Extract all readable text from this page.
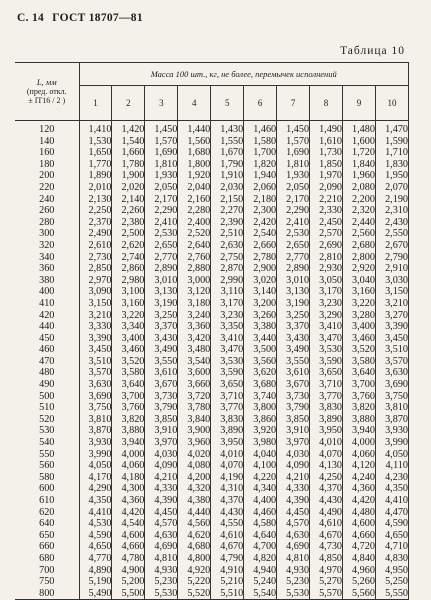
С. 14 ГОСТ 18707—81
Таблица 10
L, мм
(пред. откл.
± IT16 / 2 )	Масса 100 шт., кг, не более, перемычек исполнений									
	1	2	3	4	5	6	7	8	9	10
120	1,410	1,420	1,450	1,440	1,430	1,460	1,450	1,490	1,480	1,470
140	1,530	1,540	1,570	1,560	1,550	1,580	1,570	1,610	1,600	1,590
160	1,650	1,660	1,690	1,680	1,670	1,700	1,690	1,730	1,720	1,710
180	1,770	1,780	1,810	1,800	1,790	1,820	1,810	1,850	1,840	1,830
200	1,890	1,900	1,930	1,920	1,910	1,940	1,930	1,970	1,960	1,950
220	2,010	2,020	2,050	2,040	2,030	2,060	2,050	2,090	2,080	2,070
240	2,130	2,140	2,170	2,160	2,150	2,180	2,170	2,210	2,200	2,190
260	2,250	2,260	2,290	2,280	2,270	2,300	2,290	2,330	2,320	2,310
280	2,370	2,380	2,410	2,400	2,390	2,420	2,410	2,450	2,440	2,430
300	2,490	2,500	2,530	2,520	2,510	2,540	2,530	2,570	2,560	2,550
320	2,610	2,620	2,650	2,640	2,630	2,660	2,650	2,690	2,680	2,670
340	2,730	2,740	2,770	2,760	2,750	2,780	2,770	2,810	2,800	2,790
360	2,850	2,860	2,890	2,880	2,870	2,900	2,890	2,930	2,920	2,910
380	2,970	2,980	3,010	3,000	2,990	3,020	3,010	3,050	3,040	3,030
400	3,090	3,100	3,130	3,120	3,110	3,140	3,130	3,170	3,160	3,150
410	3,150	3,160	3,190	3,180	3,170	3,200	3,190	3,230	3,220	3,210
420	3,210	3,220	3,250	3,240	3,230	3,260	3,250	3,290	3,280	3,270
440	3,330	3,340	3,370	3,360	3,350	3,380	3,370	3,410	3,400	3,390
450	3,390	3,400	3,430	3,420	3,410	3,440	3,430	3,470	3,460	3,450
460	3,450	3,460	3,490	3,480	3,470	3,500	3,490	3,530	3,520	3,510
470	3,510	3,520	3,550	3,540	3,530	3,560	3,550	3,590	3,580	3,570
480	3,570	3,580	3,610	3,600	3,590	3,620	3,610	3,650	3,640	3,630
490	3,630	3,640	3,670	3,660	3,650	3,680	3,670	3,710	3,700	3,690
500	3,690	3,700	3,730	3,720	3,710	3,740	3,730	3,770	3,760	3,750
510	3,750	3,760	3,790	3,780	3,770	3,800	3,790	3,830	3,820	3,810
520	3,810	3,820	3,850	3,840	3,830	3,860	3,850	3,890	3,880	3,870
530	3,870	3,880	3,910	3,900	3,890	3,920	3,910	3,950	3,940	3,930
540	3,930	3,940	3,970	3,960	3,950	3,980	3,970	4,010	4,000	3,990
550	3,990	4,000	4,030	4,020	4,010	4,040	4,030	4,070	4,060	4,050
560	4,050	4,060	4,090	4,080	4,070	4,100	4,090	4,130	4,120	4,110
580	4,170	4,180	4,210	4,200	4,190	4,220	4,210	4,250	4,240	4,230
600	4,290	4,300	4,330	4,320	4,310	4,340	4,330	4,370	4,360	4,350
610	4,350	4,360	4,390	4,380	4,370	4,400	4,390	4,430	4,420	4,410
620	4,410	4,420	4,450	4,440	4,430	4,460	4,450	4,490	4,480	4,470
640	4,530	4,540	4,570	4,560	4,550	4,580	4,570	4,610	4,600	4,590
650	4,590	4,600	4,630	4,620	4,610	4,640	4,630	4,670	4,660	4,650
660	4,650	4,660	4,690	4,680	4,670	4,700	4,690	4,730	4,720	4,710
680	4,770	4,780	4,810	4,800	4,790	4,820	4,810	4,850	4,840	4,830
700	4,890	4,900	4,930	4,920	4,910	4,940	4,930	4,970	4,960	4,950
750	5,190	5,200	5,230	5,220	5,210	5,240	5,230	5,270	5,260	5,250
800	5,490	5,500	5,530	5,520	5,510	5,540	5,530	5,570	5,560	5,550
